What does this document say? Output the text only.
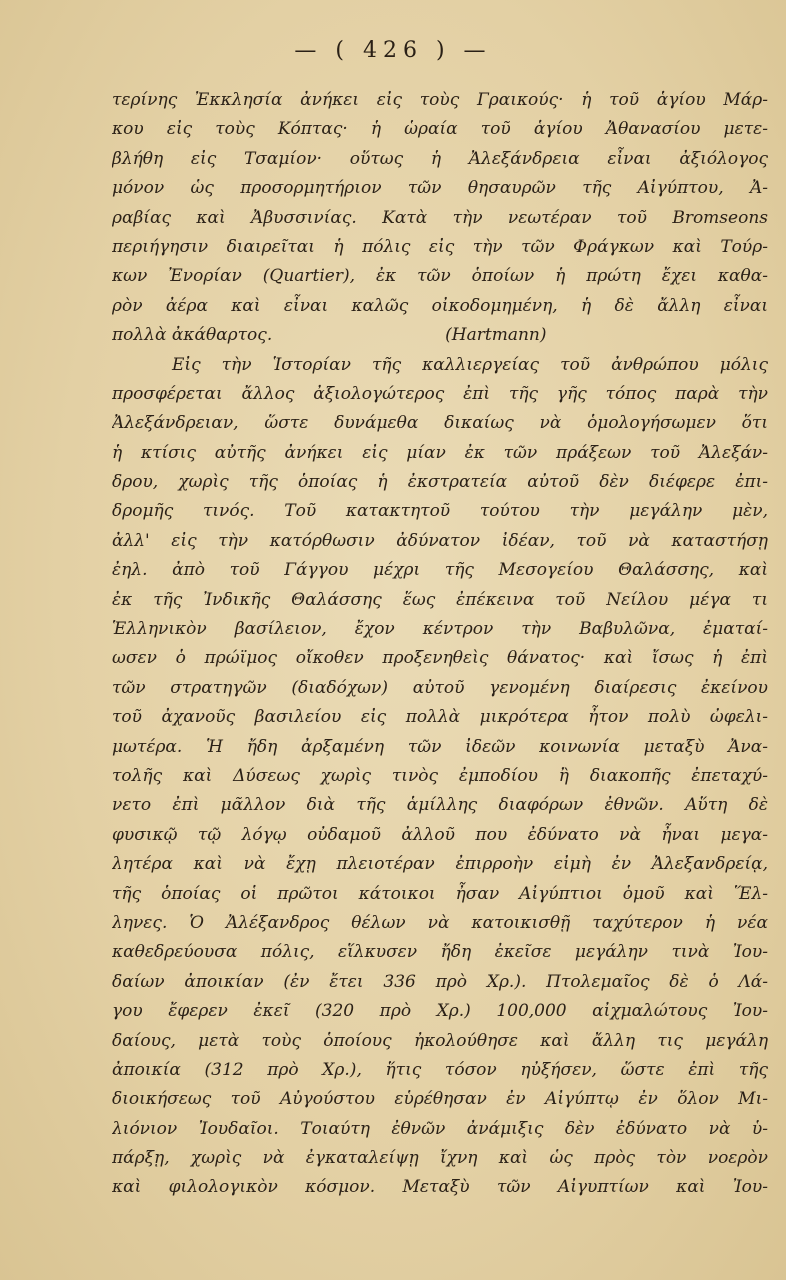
— ( 426 ) —
τερίνης Ἐκκλησία ἀνήκει εἰς τοὺς Γραικούς· ἡ τοῦ ἁγίου Μάρ-
κου εἰς τοὺς Κόπτας· ἡ ὡραία τοῦ ἁγίου Ἀθανασίου μετε-
βλήθη εἰς Τσαμίον· οὕτως ἡ Ἀλεξάνδρεια εἶναι ἀξιόλογος
μόνον ὡς προσορμητήριον τῶν θησαυρῶν τῆς Αἰγύπτου, Ἀ-
ραβίας καὶ Ἀβυσσινίας. Κατὰ τὴν νεωτέραν τοῦ Bromseons
περιήγησιν διαιρεῖται ἡ πόλις εἰς τὴν τῶν Φράγκων καὶ Τούρ-
κων Ἐνορίαν (Quartier), ἐκ τῶν ὁποίων ἡ πρώτη ἔχει καθα-
ρὸν ἀέρα καὶ εἶναι καλῶς οἰκοδομημένη, ἡ δὲ ἄλλη εἶναι
πολλὰ ἀκάθαρτος.                                (Hartmann)
Εἰς τὴν Ἱστορίαν τῆς καλλιεργείας τοῦ ἀνθρώπου μόλις
προσφέρεται ἄλλος ἀξιολογώτερος ἐπὶ τῆς γῆς τόπος παρὰ τὴν
Ἀλεξάνδρειαν, ὥστε δυνάμεθα δικαίως νὰ ὁμολογήσωμεν ὅτι
ἡ κτίσις αὐτῆς ἀνήκει εἰς μίαν ἐκ τῶν πράξεων τοῦ Ἀλεξάν-
δρου, χωρὶς τῆς ὁποίας ἡ ἐκστρατεία αὐτοῦ δὲν διέφερε ἐπι-
δρομῆς τινός. Τοῦ κατακτητοῦ τούτου τὴν μεγάλην μὲν,
ἀλλ' εἰς τὴν κατόρθωσιν ἀδύνατον ἰδέαν, τοῦ νὰ καταστήσῃ
ἐηλ. ἀπὸ τοῦ Γάγγου μέχρι τῆς Μεσογείου Θαλάσσης, καὶ
ἐκ τῆς Ἰνδικῆς Θαλάσσης ἕως ἐπέκεινα τοῦ Νείλου μέγα τι
Ἑλληνικὸν βασίλειον, ἔχον κέντρον τὴν Βαβυλῶνα, ἐματαί-
ωσεν ὁ πρώϊμος οἴκοθεν προξενηθεὶς θάνατος· καὶ ἴσως ἡ ἐπὶ
τῶν στρατηγῶν (διαδόχων) αὐτοῦ γενομένη διαίρεσις ἐκείνου
τοῦ ἀχανοῦς βασιλείου εἰς πολλὰ μικρότερα ἦτον πολὺ ὠφελι-
μωτέρα. Ἡ ἤδη ἀρξαμένη τῶν ἰδεῶν κοινωνία μεταξὺ Ἀνα-
τολῆς καὶ Δύσεως χωρὶς τινὸς ἐμποδίου ἢ διακοπῆς ἐπεταχύ-
νετο ἐπὶ μᾶλλον διὰ τῆς ἁμίλλης διαφόρων ἐθνῶν. Αὕτη δὲ
φυσικῷ τῷ λόγῳ οὐδαμοῦ ἀλλοῦ που ἐδύνατο νὰ ἦναι μεγα-
λητέρα καὶ νὰ ἔχῃ πλειοτέραν ἐπιρροὴν εἰμὴ ἐν Ἀλεξανδρείᾳ,
τῆς ὁποίας οἱ πρῶτοι κάτοικοι ἦσαν Αἰγύπτιοι ὁμοῦ καὶ Ἕλ-
ληνες. Ὁ Ἀλέξανδρος θέλων νὰ κατοικισθῇ ταχύτερον ἡ νέα
καθεδρεύουσα πόλις, εἵλκυσεν ἤδη ἐκεῖσε μεγάλην τινὰ Ἰου-
δαίων ἀποικίαν (ἐν ἔτει 336 πρὸ Χρ.). Πτολεμαῖος δὲ ὁ Λά-
γου ἔφερεν ἐκεῖ (320 πρὸ Χρ.) 100,000 αἰχμαλώτους Ἰου-
δαίους, μετὰ τοὺς ὁποίους ἠκολούθησε καὶ ἄλλη τις μεγάλη
ἀποικία (312 πρὸ Χρ.), ἥτις τόσον ηὐξήσεν, ὥστε ἐπὶ τῆς
διοικήσεως τοῦ Αὐγούστου εὑρέθησαν ἐν Αἰγύπτῳ ἐν ὅλον Μι-
λιόνιον Ἰουδαῖοι. Τοιαύτη ἐθνῶν ἀνάμιξις δὲν ἐδύνατο νὰ ὑ-
πάρξῃ, χωρὶς νὰ ἐγκαταλείψῃ ἴχνη καὶ ὡς πρὸς τὸν νοερὸν
καὶ φιλολογικὸν κόσμον. Μεταξὺ τῶν Αἰγυπτίων καὶ Ἰου-
